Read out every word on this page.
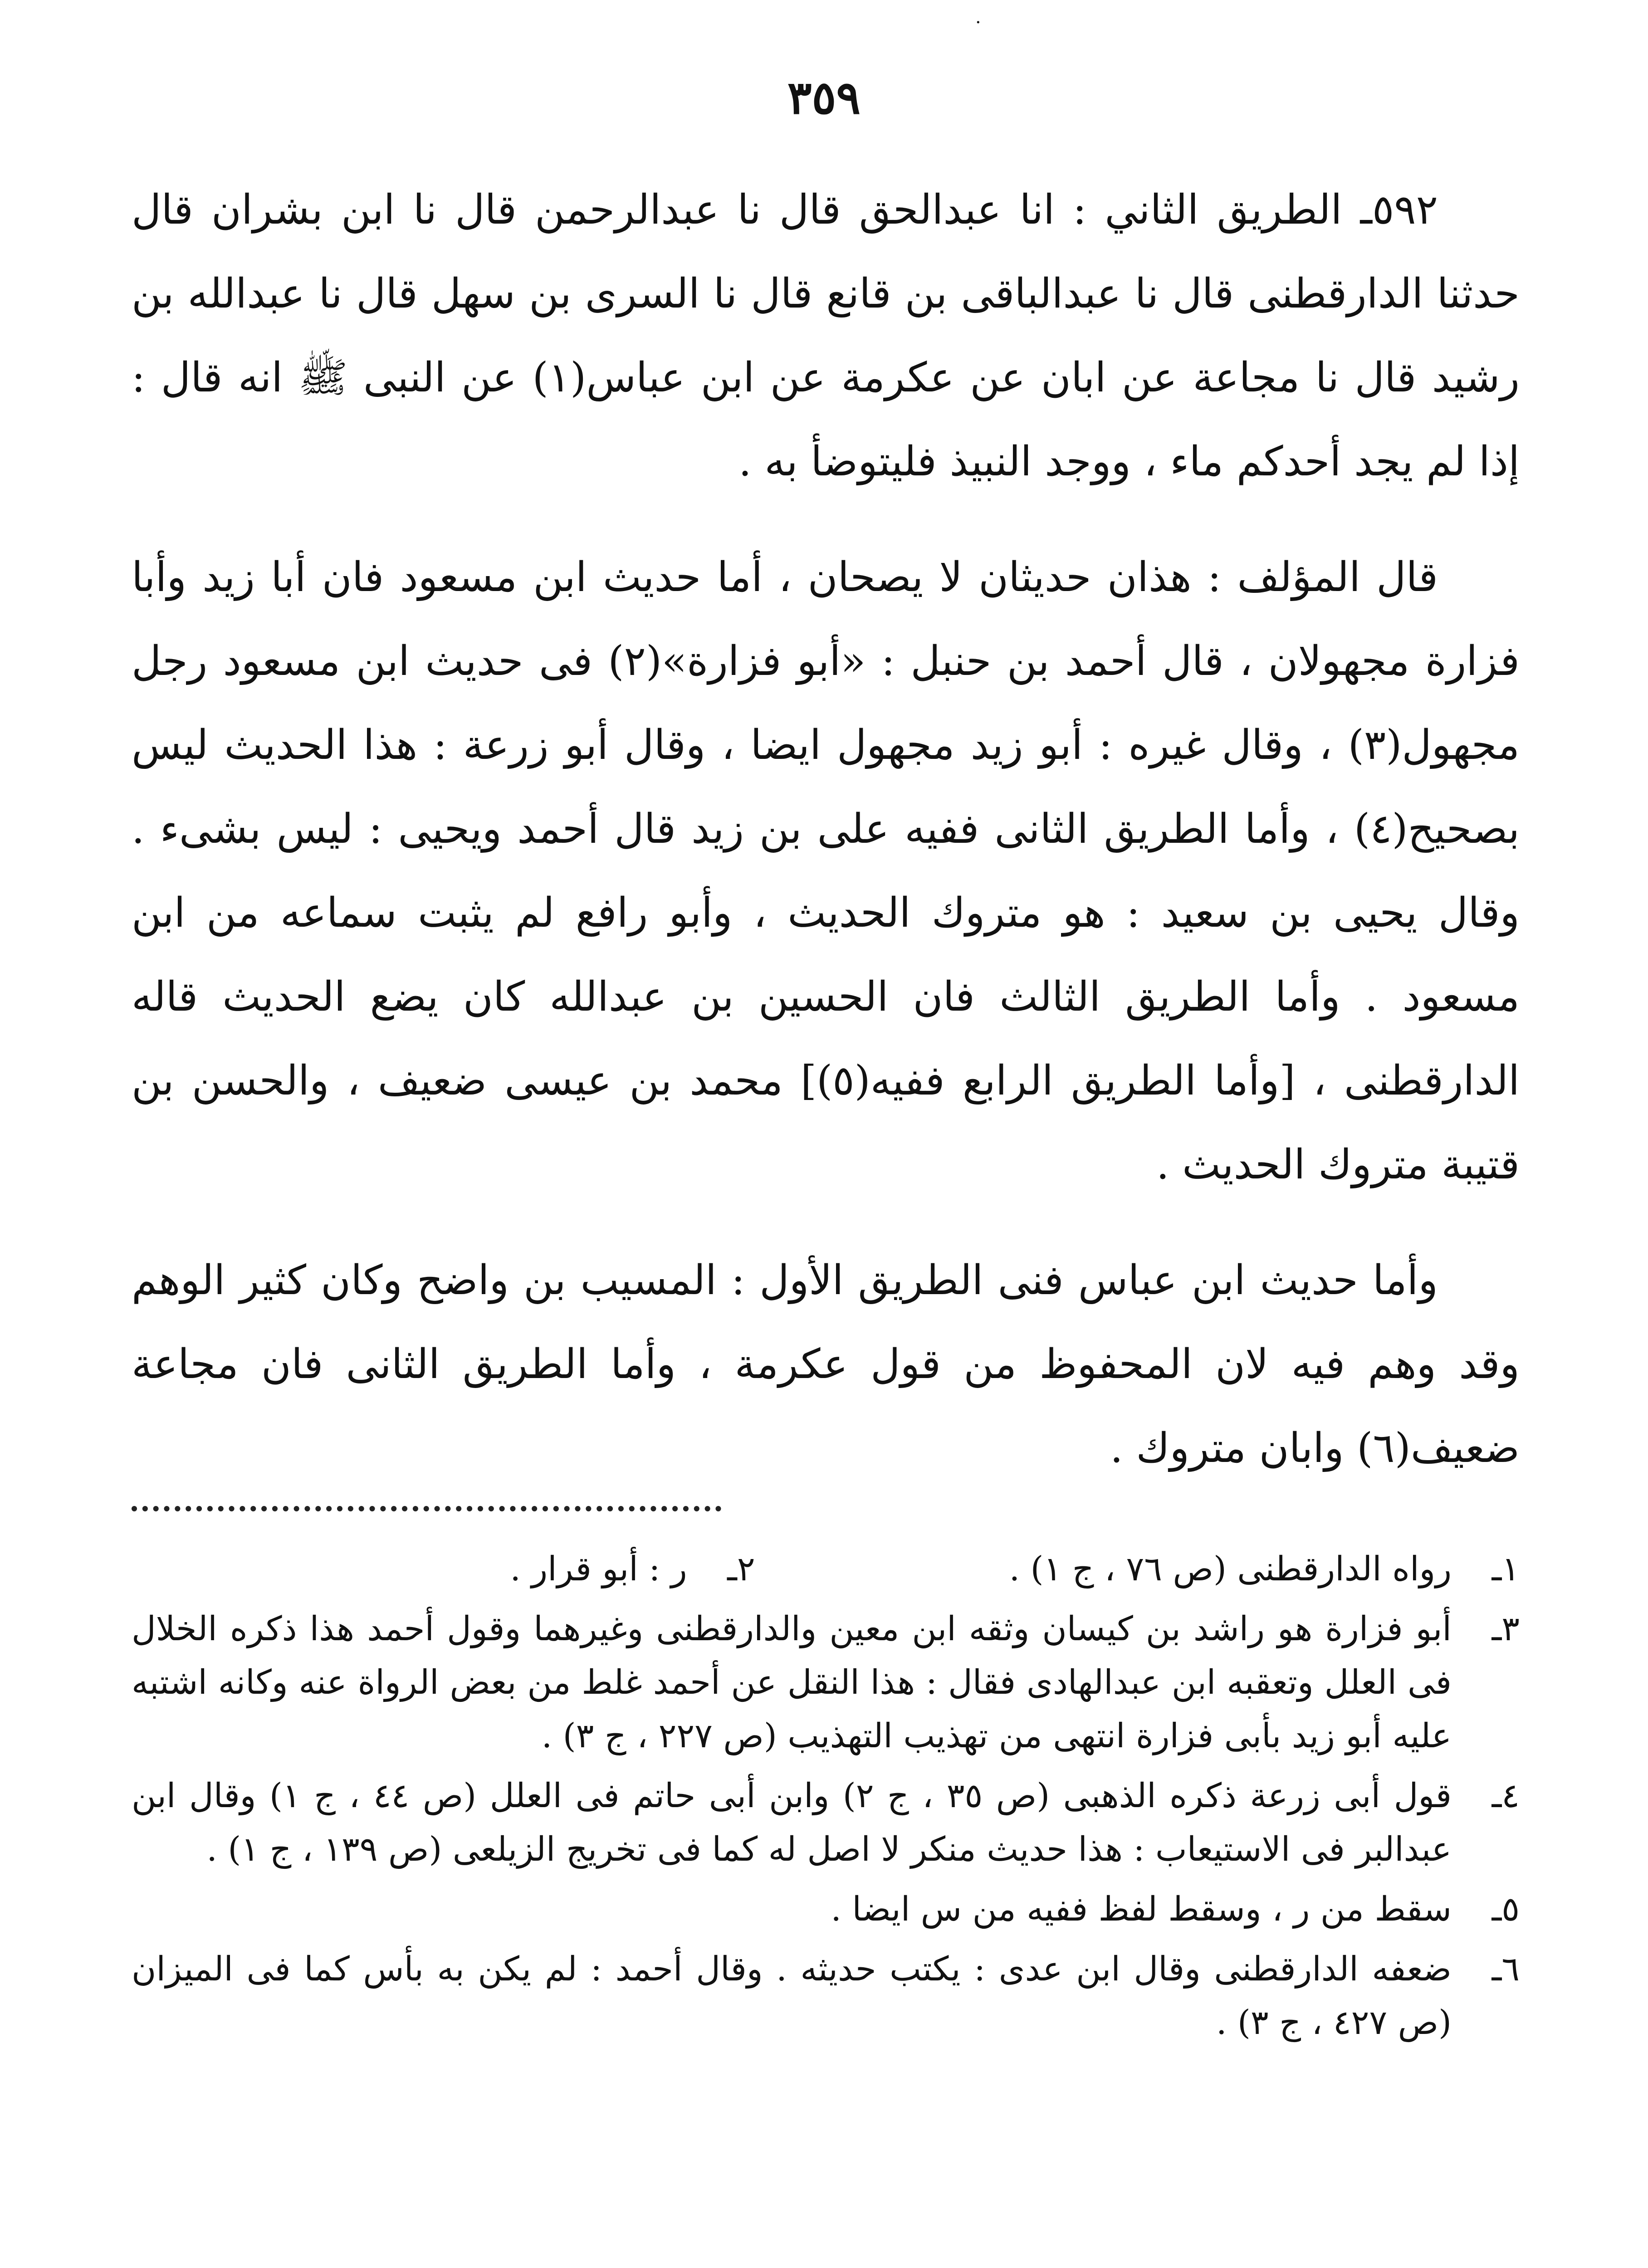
·
٣٥٩
٥٩٢ـ الطريق الثاني : انا عبدالحق قال نا عبدالرحمن قال نا ابن بشران قال حدثنا الدارقطنى قال نا عبدالباقى بن قانع قال نا السرى بن سهل قال نا عبدالله بن رشيد قال نا مجاعة عن ابان عن عكرمة عن ابن عباس(١) عن النبى ﷺ انه قال : إذا لم يجد أحدكم ماء ، ووجد النبيذ فليتوضأ به .
قال المؤلف : هذان حديثان لا يصحان ، أما حديث ابن مسعود فان أبا زيد وأبا فزارة مجهولان ، قال أحمد بن حنبل : «أبو فزارة»(٢) فى حديث ابن مسعود رجل مجهول(٣) ، وقال غيره : أبو زيد مجهول ايضا ، وقال أبو زرعة : هذا الحديث ليس بصحيح(٤) ، وأما الطريق الثانى ففيه على بن زيد قال أحمد ويحيى : ليس بشىء . وقال يحيى بن سعيد : هو متروك الحديث ، وأبو رافع لم يثبت سماعه من ابن مسعود . وأما الطريق الثالث فان الحسين بن عبدالله كان يضع الحديث قاله الدارقطنى ، [وأما الطريق الرابع ففيه(٥)] محمد بن عيسى ضعيف ، والحسن بن قتيبة متروك الحديث .
وأما حديث ابن عباس فنى الطريق الأول : المسيب بن واضح وكان كثير الوهم وقد وهم فيه لان المحفوظ من قول عكرمة ، وأما الطريق الثانى فان مجاعة ضعيف(٦) وابان متروك .
١ـ
رواه الدارقطنى (ص ٧٦ ، ج ١) .
٢ـ
ر : أبو قرار .
٣ـ
أبو فزارة هو راشد بن كيسان وثقه ابن معين والدارقطنى وغيرهما وقول أحمد هذا ذكره الخلال فى العلل وتعقبه ابن عبدالهادى فقال : هذا النقل عن أحمد غلط من بعض الرواة عنه وكانه اشتبه عليه أبو زيد بأبى فزارة انتهى من تهذيب التهذيب (ص ٢٢٧ ، ج ٣) .
٤ـ
قول أبى زرعة ذكره الذهبى (ص ٣٥ ، ج ٢) وابن أبى حاتم فى العلل (ص ٤٤ ، ج ١) وقال ابن عبدالبر فى الاستيعاب : هذا حديث منكر لا اصل له كما فى تخريج الزيلعى (ص ١٣٩ ، ج ١) .
٥ـ
سقط من ر ، وسقط لفظ ففيه من س ايضا .
٦ـ
ضعفه الدارقطنى وقال ابن عدى : يكتب حديثه . وقال أحمد : لم يكن به بأس كما فى الميزان (ص ٤٢٧ ، ج ٣) .
